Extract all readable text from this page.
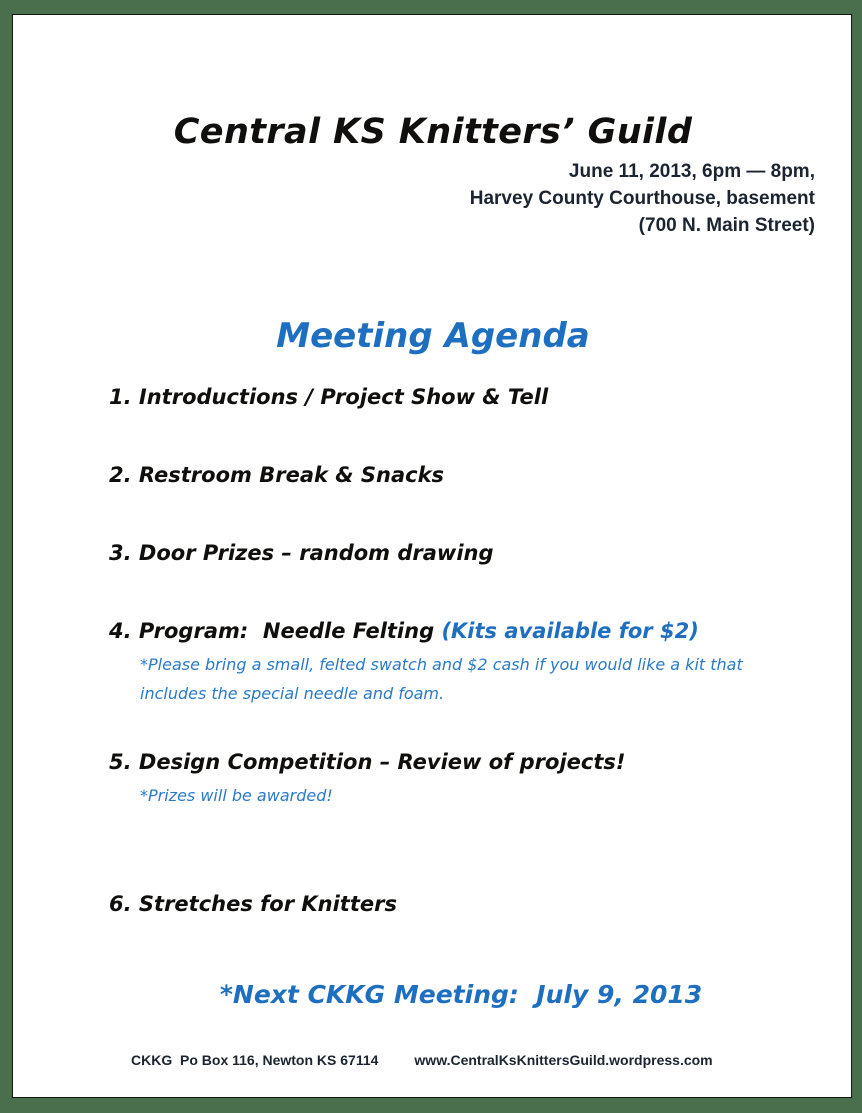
Central KS Knitters’ Guild
June 11, 2013, 6pm — 8pm,
Harvey County Courthouse, basement
(700 N. Main Street)
Meeting Agenda
1. Introductions / Project Show & Tell
2. Restroom Break & Snacks
3. Door Prizes – random drawing
4. Program:  Needle Felting (Kits available for $2)
*Please bring a small, felted swatch and $2 cash if you would like a kit that includes the special needle and foam.
5. Design Competition – Review of projects!
*Prizes will be awarded!
6. Stretches for Knitters
*Next CKKG Meeting:  July 9, 2013
CKKG  Po Box 116, Newton KS 67114	www.CentralKsKnittersGuild.wordpress.com
